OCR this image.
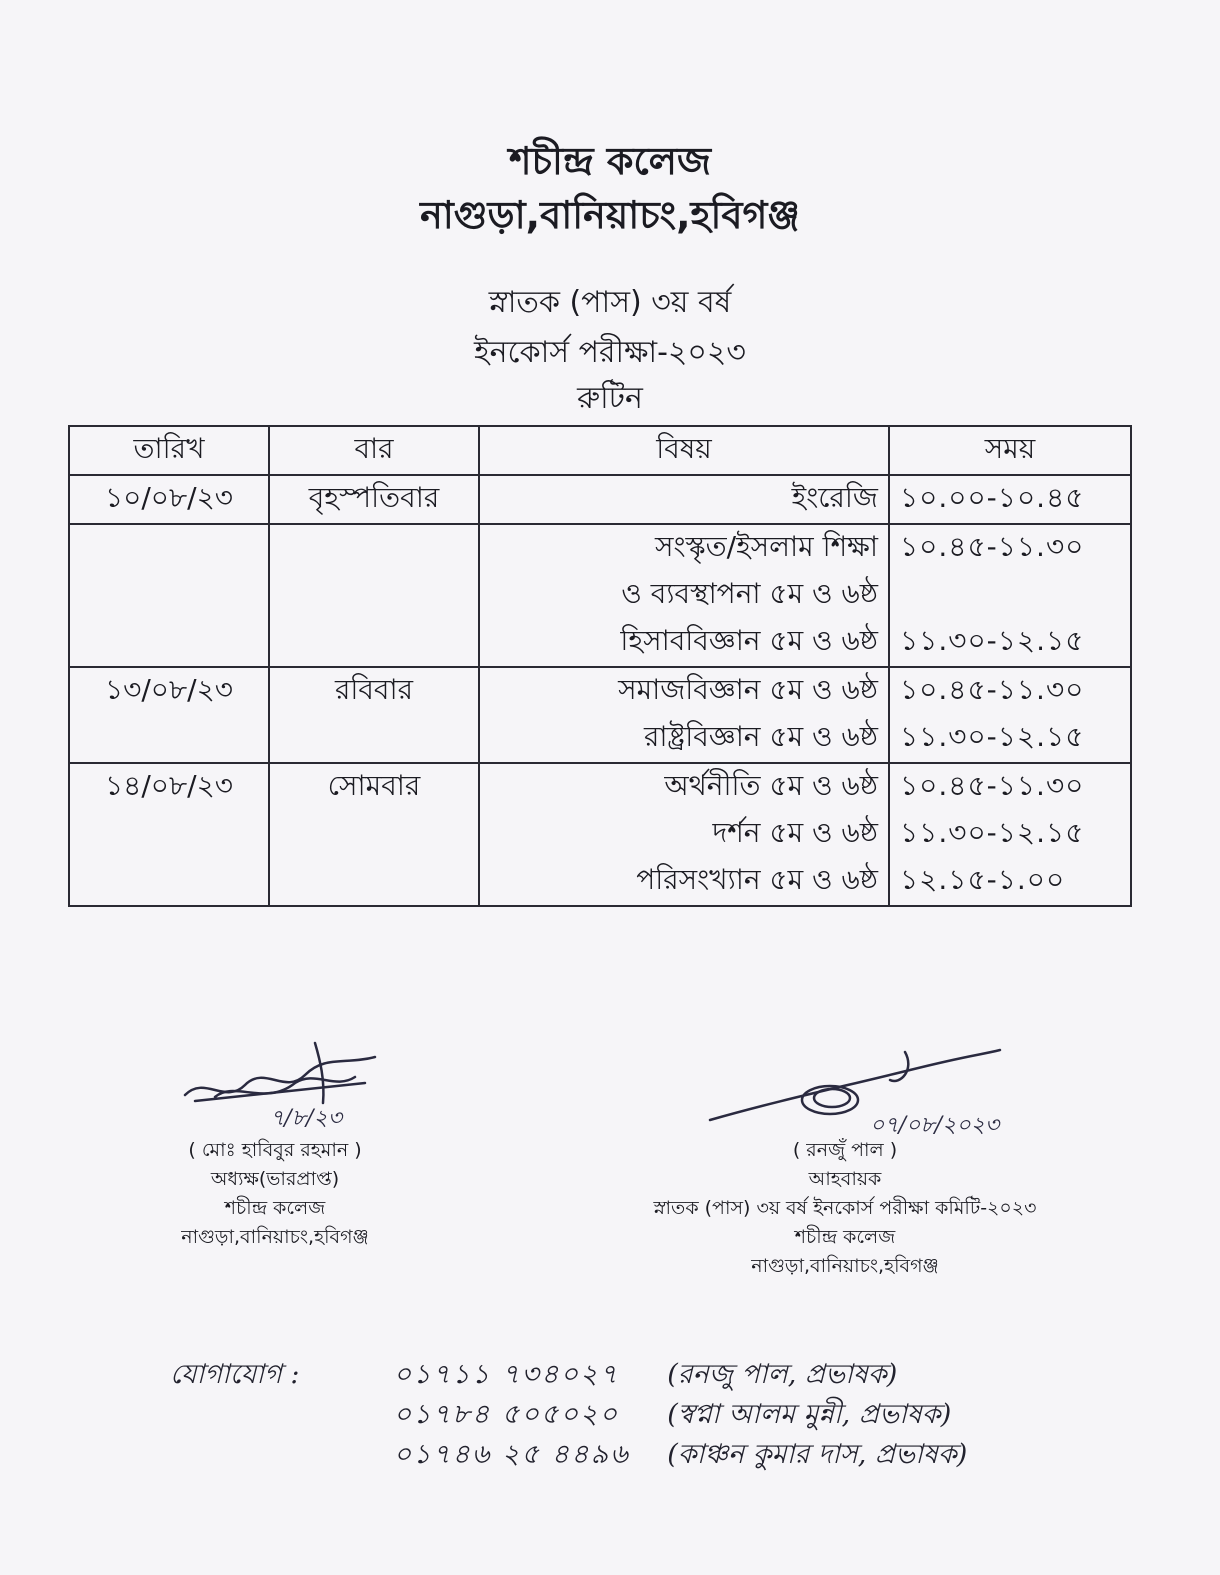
শচীন্দ্র কলেজ
নাগুড়া,বানিয়াচং,হবিগঞ্জ
স্নাতক (পাস) ৩য় বর্ষ
ইনকোর্স পরীক্ষা-২০২৩
রুটিন
তারিখ	বার	বিষয়	সময়
১০/০৮/২৩	বৃহস্পতিবার	ইংরেজি	১০.০০-১০.৪৫
		সংস্কৃত/ইসলাম শিক্ষা	১০.৪৫-১১.৩০
		ও ব্যবস্থাপনা ৫ম ও ৬ষ্ঠ	
		হিসাববিজ্ঞান ৫ম ও ৬ষ্ঠ	১১.৩০-১২.১৫
১৩/০৮/২৩	রবিবার	সমাজবিজ্ঞান ৫ম ও ৬ষ্ঠ	১০.৪৫-১১.৩০
		রাষ্ট্রবিজ্ঞান ৫ম ও ৬ষ্ঠ	১১.৩০-১২.১৫
১৪/০৮/২৩	সোমবার	অর্থনীতি ৫ম ও ৬ষ্ঠ	১০.৪৫-১১.৩০
		দর্শন ৫ম ও ৬ষ্ঠ	১১.৩০-১২.১৫
		পরিসংখ্যান ৫ম ও ৬ষ্ঠ	১২.১৫-১.০০
৭/৮/২৩
( মোঃ হাবিবুর রহমান )
অধ্যক্ষ(ভারপ্রাপ্ত)
শচীন্দ্র কলেজ
নাগুড়া,বানিয়াচং,হবিগঞ্জ
০৭/০৮/২০২৩
( রনজুঁ পাল )
আহবায়ক
স্নাতক (পাস) ৩য় বর্ষ ইনকোর্স পরীক্ষা কমিটি-২০২৩
শচীন্দ্র কলেজ
নাগুড়া,বানিয়াচং,হবিগঞ্জ
যোগাযোগ :	০১৭১১ ৭৩৪০২৭ (রনজু পাল, প্রভাষক)
০১৭৮৪ ৫০৫০২০ (স্বপ্না আলম মুন্নী, প্রভাষক)
০১৭৪৬ ২৫ ৪৪৯৬ (কাঞ্চন কুমার দাস, প্রভাষক)
